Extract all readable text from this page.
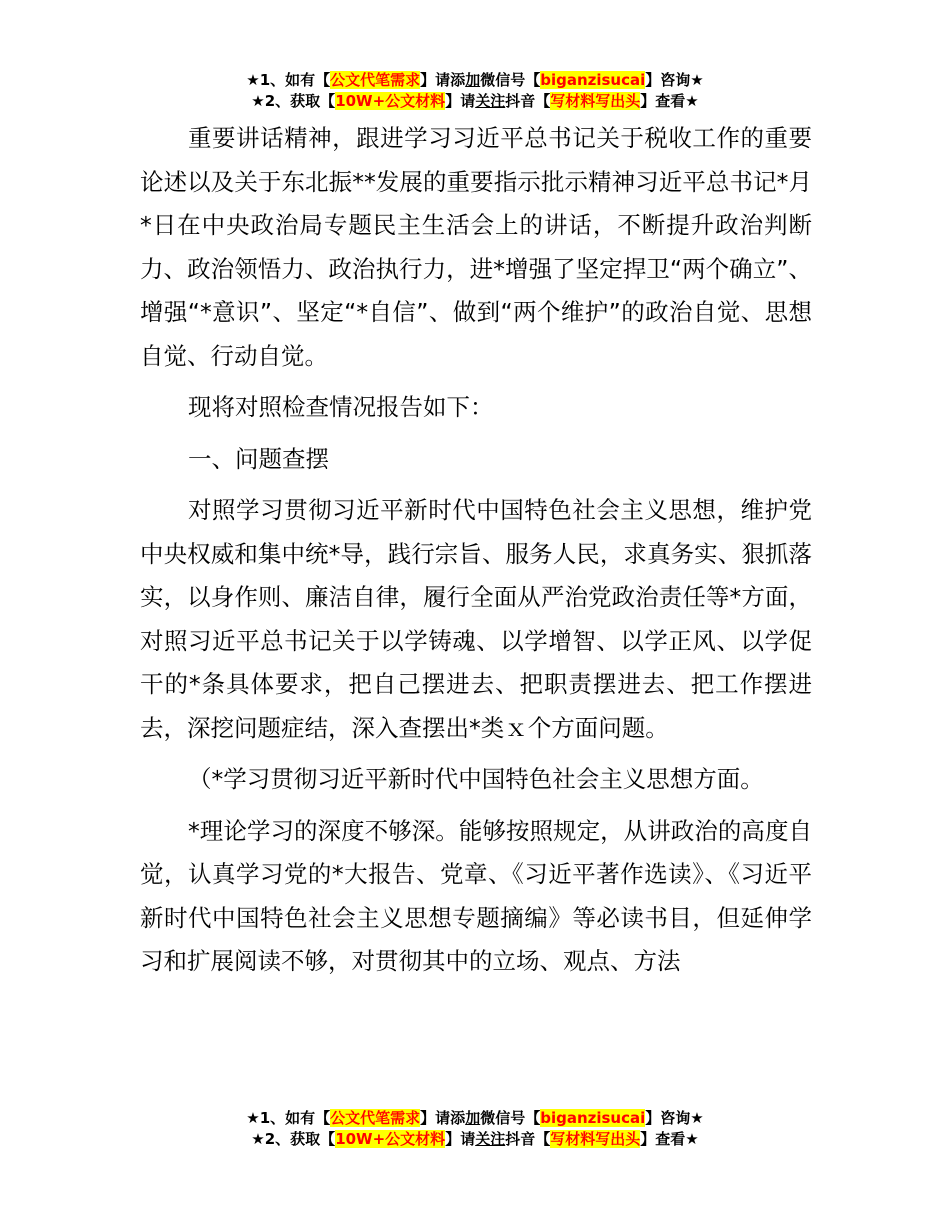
★1、如有【公文代笔需求】请添加微信号【biganzisucai】咨询★
★2、获取【10W+公文材料】请关注抖音【写材料写出头】查看★

重要讲话精神，跟进学习习近平总书记关于税收工作的重要论述以及关于东北振**发展的重要指示批示精神习近平总书记*月*日在中央政治局专题民主生活会上的讲话，不断提升政治判断力、政治领悟力、政治执行力，进*增强了坚定捍卫“两个确立”、增强“*意识”、坚定“*自信”、做到“两个维护”的政治自觉、思想自觉、行动自觉。

现将对照检查情况报告如下：

一、问题查摆

对照学习贯彻习近平新时代中国特色社会主义思想，维护党中央权威和集中统*导，践行宗旨、服务人民，求真务实、狠抓落实，以身作则、廉洁自律，履行全面从严治党政治责任等*方面，对照习近平总书记关于以学铸魂、以学增智、以学正风、以学促干的*条具体要求，把自己摆进去、把职责摆进去、把工作摆进去，深挖问题症结，深入查摆出*类ｘ个方面问题。

（*学习贯彻习近平新时代中国特色社会主义思想方面。

*理论学习的深度不够深。能够按照规定，从讲政治的高度自觉，认真学习党的*大报告、党章、《习近平著作选读》、《习近平新时代中国特色社会主义思想专题摘编》等必读书目，但延伸学习和扩展阅读不够，对贯彻其中的立场、观点、方法

★1、如有【公文代笔需求】请添加微信号【biganzisucai】咨询★
★2、获取【10W+公文材料】请关注抖音【写材料写出头】查看★
